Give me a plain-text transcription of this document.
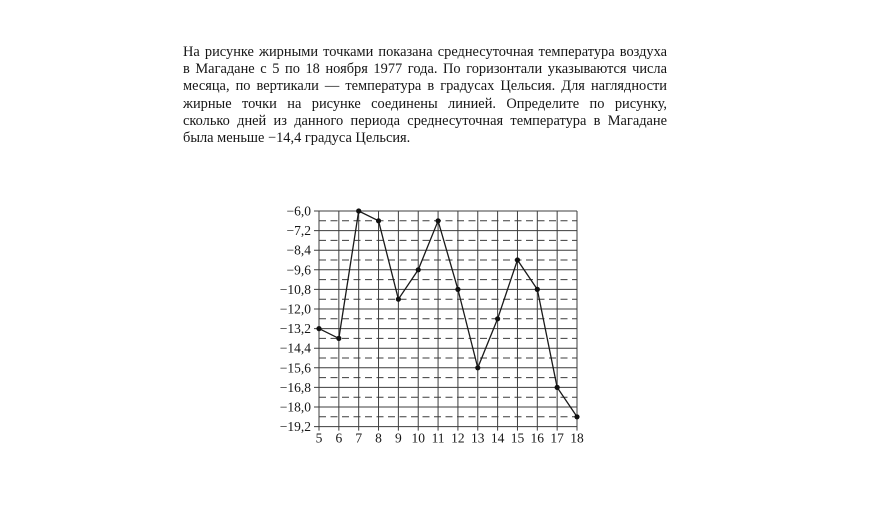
На рисунке жирными точками показана среднесуточная температура воздуха
в Магадане с 5 по 18 ноября 1977 года. По горизонтали указываются числа
месяца, по вертикали — температура в градусах Цельсия. Для наглядности
жирные точки на рисунке соединены линией. Определите по рисунку,
сколько дней из данного периода среднесуточная температура в Магадане
была меньше −14,4 градуса Цельсия.
−6,0
−7,2
−8,4
−9,6
−10,8
−12,0
−13,2
−14,4
−15,6
−16,8
−18,0
−19,2
5 6 7 8 9 10 11 12 13 14 15 16 17 18
